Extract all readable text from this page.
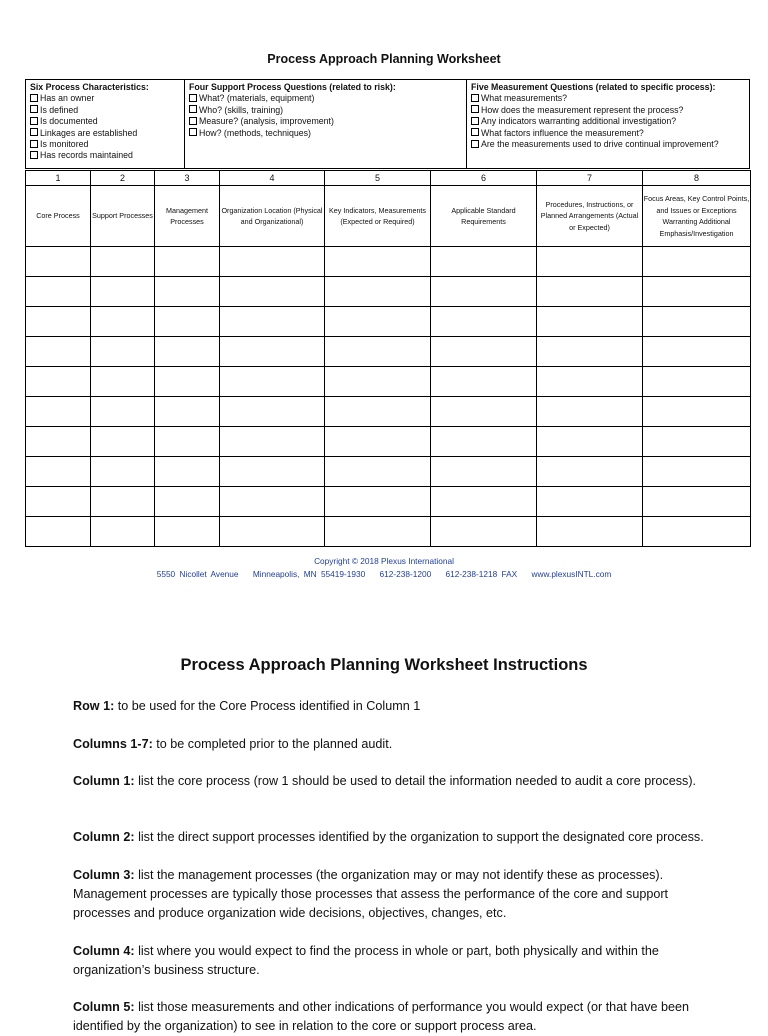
Process Approach Planning Worksheet
Six Process Characteristics:
Has an owner
Is defined
Is documented
Linkages are established
Is monitored
Has records maintained
Four Support Process Questions (related to risk):
What? (materials, equipment)
Who? (skills, training)
Measure? (analysis, improvement)
How? (methods, techniques)
Five Measurement Questions (related to specific process):
What measurements?
How does the measurement represent the process?
Any indicators warranting additional investigation?
What factors influence the measurement?
Are the measurements used to drive continual improvement?
1	2	3	4	5	6	7	8
Core Process	Support Processes	Management Processes	Organization Location (Physical and Organizational)	Key Indicators, Measurements (Expected or Required)	Applicable Standard Requirements	Procedures, Instructions, or Planned Arrangements (Actual or Expected)	Focus Areas, Key Control Points, and Issues or Exceptions Warranting Additional Emphasis/Investigation

Copyright © 2018 Plexus International
5550 Nicollet Avenue Minneapolis, MN 55419-1930 612-238-1200 612-238-1218 FAX www.plexusINTL.com
Process Approach Planning Worksheet Instructions
Row 1: to be used for the Core Process identified in Column 1
Columns 1-7: to be completed prior to the planned audit.
Column 1: list the core process (row 1 should be used to detail the information needed to audit a core process).
Column 2: list the direct support processes identified by the organization to support the designated core process.
Column 3: list the management processes (the organization may or may not identify these as processes). Management processes are typically those processes that assess the performance of the core and support processes and produce organization wide decisions, objectives, changes, etc.
Column 4: list where you would expect to find the process in whole or part, both physically and within the organization’s business structure.
Column 5: list those measurements and other indications of performance you would expect (or that have been identified by the organization) to see in relation to the core or support process area.
